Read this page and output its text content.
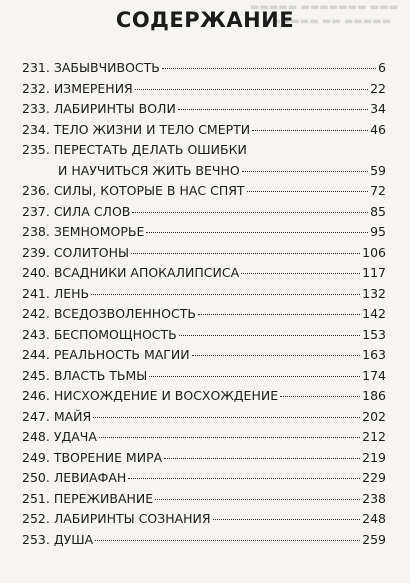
▬▬▬ ▬▬▬▬▬▬▬ ▬▬▬▬▬
▬▬▬▬▬ ▬▬ ▬▬▬▬▬▬
СОДЕРЖАНИЕ
231. ЗАБЫВЧИВОСТЬ	6
232. ИЗМЕРЕНИЯ	22
233. ЛАБИРИНТЫ ВОЛИ	34
234. ТЕЛО ЖИЗНИ И ТЕЛО СМЕРТИ	46
235. ПЕРЕСТАТЬ ДЕЛАТЬ ОШИБКИ
И НАУЧИТЬСЯ ЖИТЬ ВЕЧНО	59
236. СИЛЫ, КОТОРЫЕ В НАС СПЯТ	72
237. СИЛА СЛОВ	85
238. ЗЕМНОМОРЬЕ	95
239. СОЛИТОНЫ	106
240. ВСАДНИКИ АПОКАЛИПСИСА	117
241. ЛЕНЬ	132
242. ВСЕДОЗВОЛЕННОСТЬ	142
243. БЕСПОМОЩНОСТЬ	153
244. РЕАЛЬНОСТЬ МАГИИ	163
245. ВЛАСТЬ ТЬМЫ	174
246. НИСХОЖДЕНИЕ И ВОСХОЖДЕНИЕ	186
247. МАЙЯ	202
248. УДАЧА	212
249. ТВОРЕНИЕ МИРА	219
250. ЛЕВИАФАН	229
251. ПЕРЕЖИВАНИЕ	238
252. ЛАБИРИНТЫ СОЗНАНИЯ	248
253. ДУША	259
